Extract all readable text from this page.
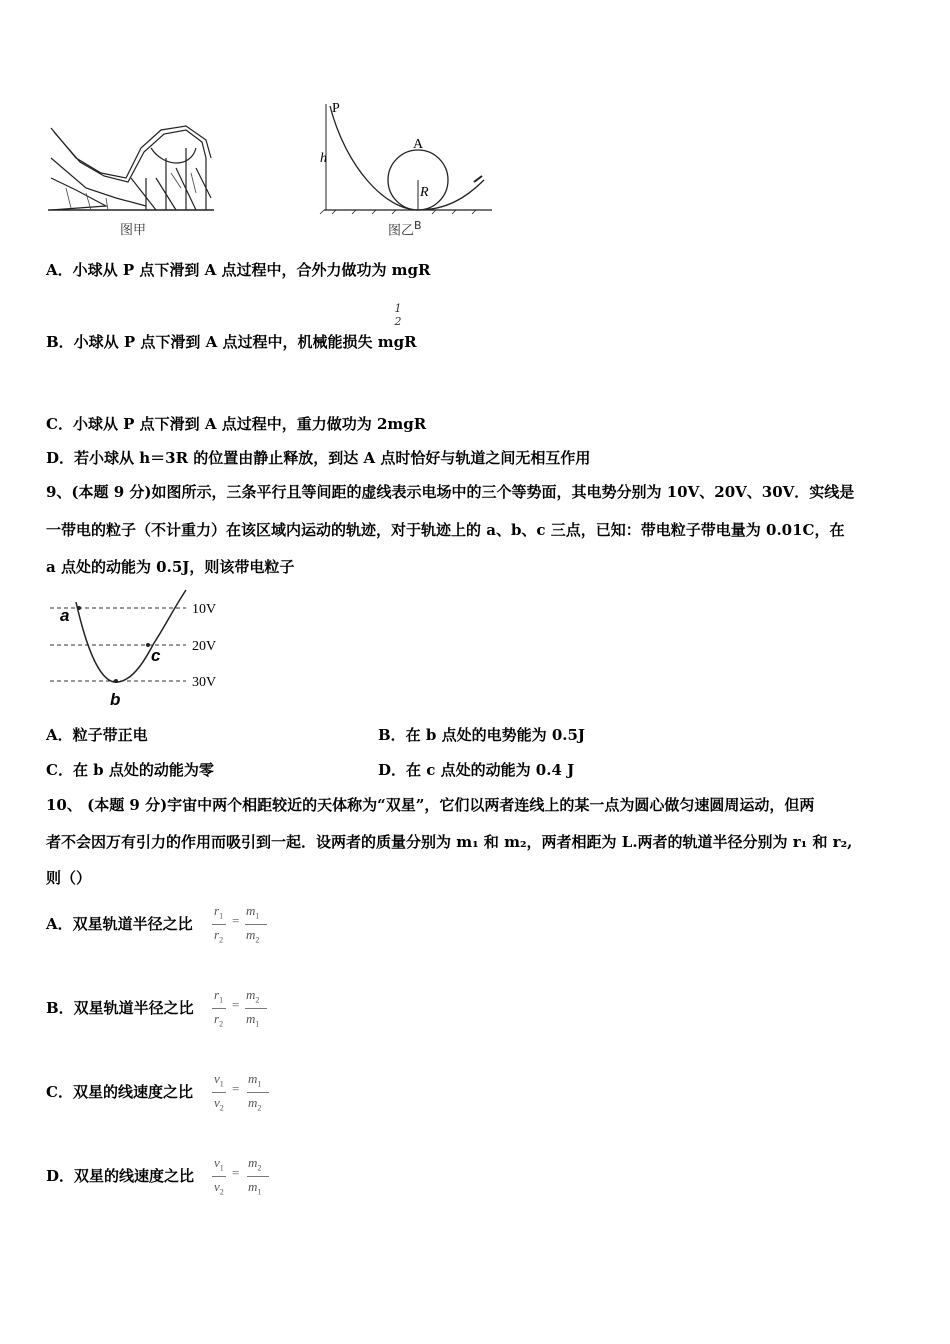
图甲
P
h
A
R
图乙$^B$
A．小球从 P 点下滑到 A 点过程中，合外力做功为 mgR
1
2
B．小球从 P 点下滑到 A 点过程中，机械能损失 mgR
C．小球从 P 点下滑到 A 点过程中，重力做功为 2mgR
D．若小球从 h＝3R 的位置由静止释放，到达 A 点时恰好与轨道之间无相互作用
9、(本题 9 分)如图所示，三条平行且等间距的虚线表示电场中的三个等势面，其电势分别为 10V、20V、30V．实线是
一带电的粒子（不计重力）在该区域内运动的轨迹，对于轨迹上的 a、b、c 三点，已知：带电粒子带电量为 0.01C，在
a 点处的动能为 0.5J，则该带电粒子
a
c
b
10V
20V
30V
A．粒子带正电	B．在 b 点处的电势能为 0.5J
C．在 b 点处的动能为零	D．在 c 点处的动能为 0.4 J
10、 (本题 9 分)宇宙中两个相距较近的天体称为“双星”，它们以两者连线上的某一点为圆心做匀速圆周运动，但两
者不会因万有引力的作用而吸引到一起．设两者的质量分别为 m₁ 和 m₂，两者相距为 L.两者的轨道半径分别为 r₁ 和 r₂,
则（）
A．双星轨道半径之比
$r_1$
$r_2$
=
$m_1$
$m_2$
B．双星轨道半径之比
$r_1$
$r_2$
=
$m_2$
$m_1$
C．双星的线速度之比
$v_1$
$v_2$
=
$m_1$
$m_2$
D．双星的线速度之比
$v_1$
$v_2$
=
$m_2$
$m_1$
